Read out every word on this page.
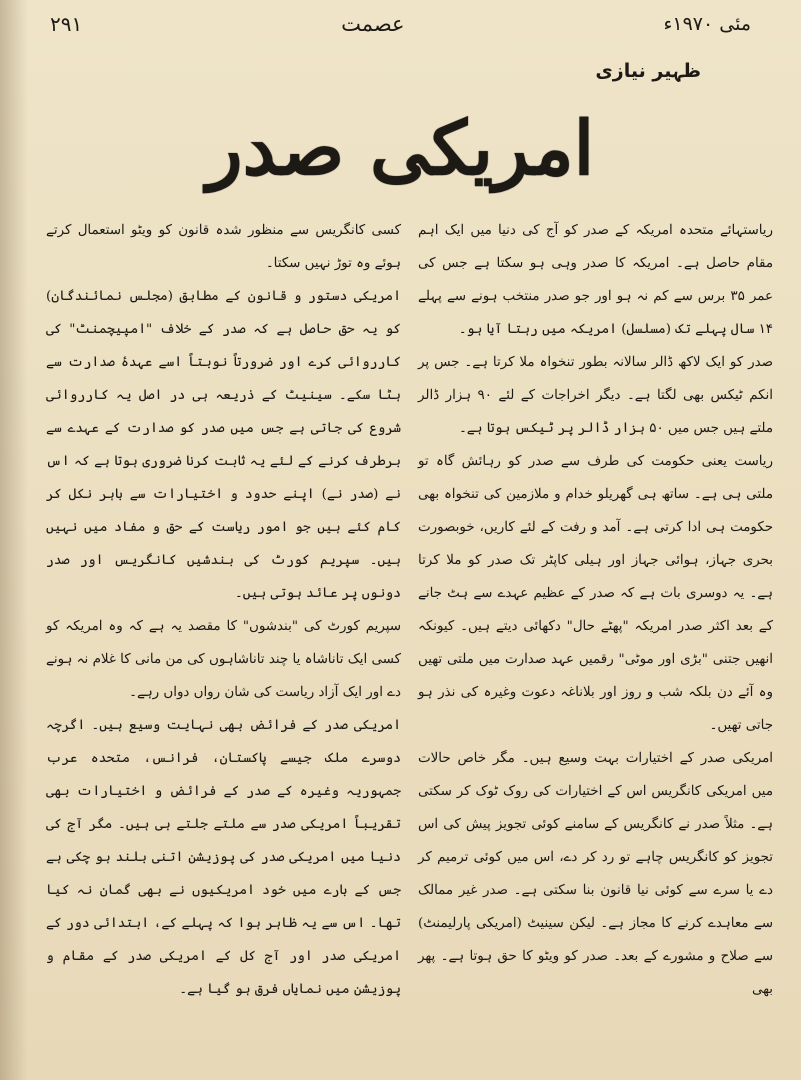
مئی ۱۹۷۰ء
عصمت
۲۹۱
ظہیر نیازی
امریکی صدر

ریاستہائے متحدہ امریکہ کے صدر کو آج کی دنیا میں ایک اہم مقام حاصل ہے۔ امریکہ کا صدر وہی ہو سکتا ہے جس کی عمر ۳۵ برس سے کم نہ ہو اور جو صدر منتخب ہونے سے پہلے ۱۴ سال پہلے تک (مسلسل) امریکہ میں رہتا آیا ہو۔

صدر کو ایک لاکھ ڈالر سالانہ بطور تنخواہ ملا کرتا ہے۔ جس پر انکم ٹیکس بھی لگتا ہے۔ دیگر اخراجات کے لئے ۹۰ ہزار ڈالر ملتے ہیں جس میں ۵۰ ہزار ڈالر پر ٹیکس ہوتا ہے۔

ریاست یعنی حکومت کی طرف سے صدر کو رہائش گاہ تو ملتی ہی ہے۔ ساتھ ہی گھریلو خدام و ملازمین کی تنخواہ بھی حکومت ہی ادا کرتی ہے۔ آمد و رفت کے لئے کاریں، خوبصورت بحری جہاز، ہوائی جہاز اور ہیلی کاپٹر تک صدر کو ملا کرتا ہے۔ یہ دوسری بات ہے کہ صدر کے عظیم عہدے سے ہٹ جانے کے بعد اکثر صدر امریکہ "پھٹے حال" دکھائی دیتے ہیں۔ کیونکہ انھیں جتنی "بڑی اور موٹی" رقمیں عہد صدارت میں ملتی تھیں وہ آئے دن بلکہ شب و روز اور بلاناغہ دعوت وغیرہ کی نذر ہو جاتی تھیں۔

امریکی صدر کے اختیارات بہت وسیع ہیں۔ مگر خاص حالات میں امریکی کانگریس اس کے اختیارات کی روک ٹوک کر سکتی ہے۔ مثلاً صدر نے کانگریس کے سامنے کوئی تجویز پیش کی اس تجویز کو کانگریس چاہے تو رد کر دے، اس میں کوئی ترمیم کر دے یا سرے سے کوئی نیا قانون بنا سکتی ہے۔ صدر غیر ممالک سے معاہدے کرنے کا مجاز ہے۔ لیکن سینیٹ (امریکی پارلیمنٹ) سے صلاح و مشورے کے بعد۔ صدر کو ویٹو کا حق ہوتا ہے۔ پھر بھی

کسی کانگریس سے منظور شدہ قانون کو ویٹو استعمال کرتے ہوئے وہ توڑ نہیں سکتا۔

امریکی دستور و قانون کے مطابق (مجلس نمائندگان) کو یہ حق حاصل ہے کہ صدر کے خلاف "امپیچمنٹ" کی کارروائی کرے اور ضرورتاً نوبتاً اسے عہدۂ صدارت سے ہٹا سکے۔ سینیٹ کے ذریعہ ہی در اصل یہ کارروائی شروع کی جاتی ہے جس میں صدر کو صدارت کے عہدے سے برطرف کرنے کے لئے یہ ثابت کرنا ضروری ہوتا ہے کہ اس نے (صدر نے) اپنے حدود و اختیارات سے باہر نکل کر کام کئے ہیں جو امور ریاست کے حق و مفاد میں نہیں ہیں۔ سپریم کورٹ کی بندشیں کانگریس اور صدر دونوں پر عائد ہوتی ہیں۔

سپریم کورٹ کی "بندشوں" کا مقصد یہ ہے کہ وہ امریکہ کو کسی ایک تاناشاہ یا چند تاناشاہوں کی من مانی کا غلام نہ ہونے دے اور ایک آزاد ریاست کی شان رواں دواں رہے۔

امریکی صدر کے فرائض بھی نہایت وسیع ہیں۔ اگرچہ دوسرے ملک جیسے پاکستان، فرانس، متحدہ عرب جمہوریہ وغیرہ کے صدر کے فرائض و اختیارات بھی تقریباً امریکی صدر سے ملتے جلتے ہی ہیں۔ مگر آج کی دنیا میں امریکی صدر کی پوزیشن اتنی بلند ہو چکی ہے جس کے بارے میں خود امریکیوں نے بھی گمان نہ کیا تھا۔ اس سے یہ ظاہر ہوا کہ پہلے کے، ابتدائی دور کے امریکی صدر اور آج کل کے امریکی صدر کے مقام و پوزیشن میں نمایاں فرق ہو گیا ہے۔
